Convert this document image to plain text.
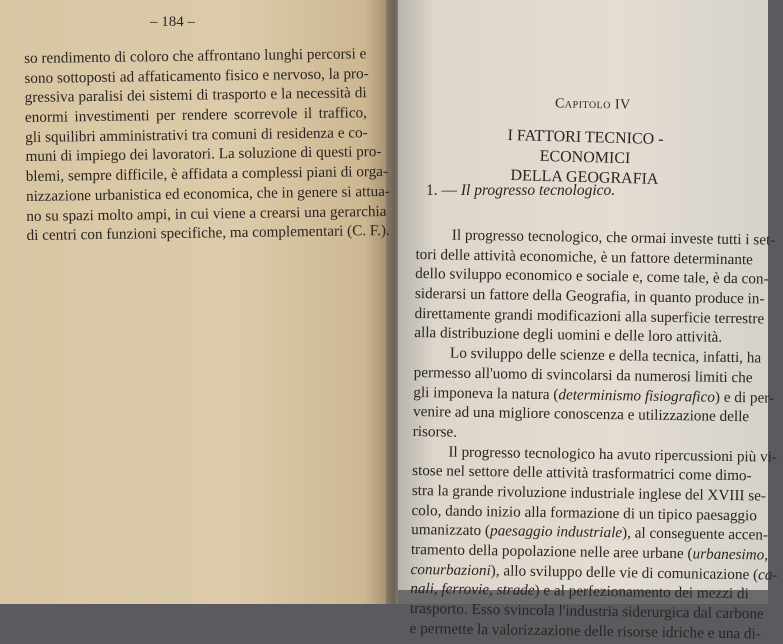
– 184 –
so rendimento di coloro che affrontano lunghi percorsi e
sono sottoposti ad affaticamento fisico e nervoso, la pro-
gressiva paralisi dei sistemi di trasporto e la necessità di
enormi investimenti per rendere scorrevole il traffico,
gli squilibri amministrativi tra comuni di residenza e co-
muni di impiego dei lavoratori. La soluzione di questi pro-
blemi, sempre difficile, è affidata a complessi piani di orga-
nizzazione urbanistica ed economica, che in genere si attua-
no su spazi molto ampi, in cui viene a crearsi una gerarchia
di centri con funzioni specifiche, ma complementari (C. F.).
Capitolo IV
I FATTORI TECNICO - ECONOMICI
DELLA GEOGRAFIA
1. — Il progresso tecnologico.
Il progresso tecnologico, che ormai investe tutti i set-
tori delle attività economiche, è un fattore determinante
dello sviluppo economico e sociale e, come tale, è da con-
siderarsi un fattore della Geografia, in quanto produce in-
direttamente grandi modificazioni alla superficie terrestre
alla distribuzione degli uomini e delle loro attività.
Lo sviluppo delle scienze e della tecnica, infatti, ha
permesso all'uomo di svincolarsi da numerosi limiti che
gli imponeva la natura (determinismo fisiografico) e di per-
venire ad una migliore conoscenza e utilizzazione delle
risorse.
Il progresso tecnologico ha avuto ripercussioni più vi-
stose nel settore delle attività trasformatrici come dimo-
stra la grande rivoluzione industriale inglese del XVIII se-
colo, dando inizio alla formazione di un tipico paesaggio
umanizzato (paesaggio industriale), al conseguente accen-
tramento della popolazione nelle aree urbane (urbanesimo,
conurbazioni), allo sviluppo delle vie di comunicazione (ca-
nali, ferrovie, strade) e al perfezionamento dei mezzi di
trasporto. Esso svincola l'industria siderurgica dal carbone
e permette la valorizzazione delle risorse idriche e una di-
